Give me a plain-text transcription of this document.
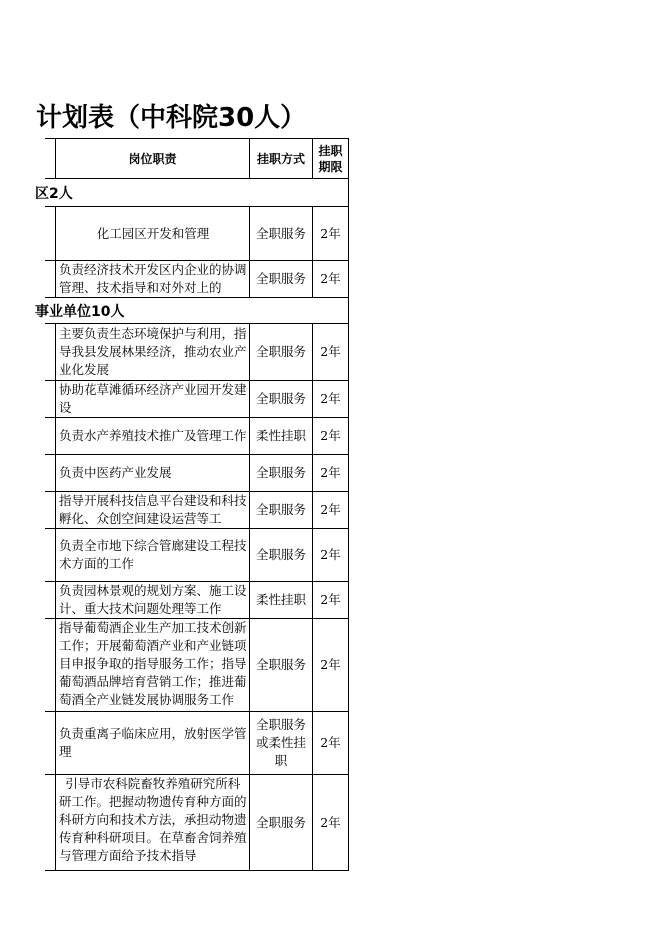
计划表（中科院30人）
	岗位职责	挂职方式	挂职期限
区2人			
	化工园区开发和管理	全职服务	2年

	负责经济技术开发区内企业的协调管理、技术指导和对外对上的	全职服务	2年
事业单位10人			
	主要负责生态环境保护与利用，指导我县发展林果经济，推动农业产业化发展	全职服务	2年
	协助花草滩循环经济产业园开发建设	全职服务	2年
	负责水产养殖技术推广及管理工作	柔性挂职	2年
	负责中医药产业发展	全职服务	2年

	指导开展科技信息平台建设和科技孵化、众创空间建设运营等工	全职服务	2年
	负责全市地下综合管廊建设工程技术方面的工作	全职服务	2年
	负责园林景观的规划方案、施工设计、重大技术问题处理等工作	柔性挂职	2年

	指导葡萄酒企业生产加工技术创新工作；开展葡萄酒产业和产业链项目申报争取的指导服务工作；指导葡萄酒品牌培育营销工作；推进葡萄酒全产业链发展协调服务工作	全职服务	2年
	负责重离子临床应用，放射医学管理	全职服务或柔性挂职	2年

	引导市农科院畜牧养殖研究所科研工作。把握动物遗传育种方面的科研方向和技术方法，承担动物遗传育种科研项目。在草畜舍饲养殖与管理方面给予技术指导	全职服务	2年
